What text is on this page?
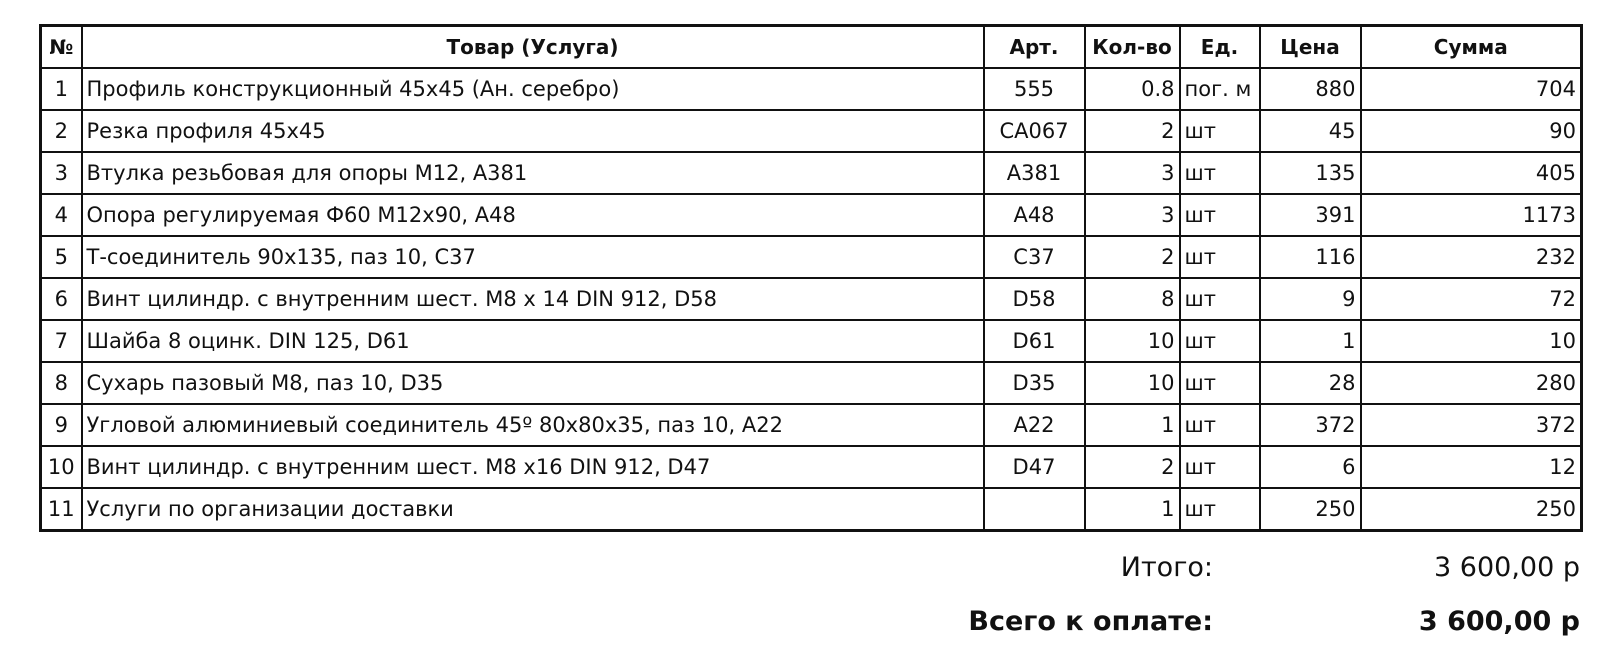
№	Товар (Услуга)	Арт.	Кол-во	Ед.	Цена	Сумма
1	Профиль конструкционный 45х45 (Ан. серебро)	555	0.8	пог. м	880	704
2	Резка профиля 45х45	CA067	2	шт	45	90
3	Втулка резьбовая для опоры M12, A381	A381	3	шт	135	405
4	Опора регулируемая Ф60 M12x90, A48	A48	3	шт	391	1173
5	Т-соединитель 90х135, паз 10, C37	C37	2	шт	116	232
6	Винт цилиндр. с внутренним шест. M8 x 14 DIN 912, D58	D58	8	шт	9	72
7	Шайба 8 оцинк. DIN 125, D61	D61	10	шт	1	10
8	Сухарь пазовый M8, паз 10, D35	D35	10	шт	28	280
9	Угловой алюминиевый соединитель 45º 80х80х35, паз 10, A22	A22	1	шт	372	372
10	Винт цилиндр. с внутренним шест. M8 x16 DIN 912, D47	D47	2	шт	6	12
11	Услуги по организации доставки		1	шт	250	250
Итого:	3 600,00 р
Всего к оплате:	3 600,00 р
